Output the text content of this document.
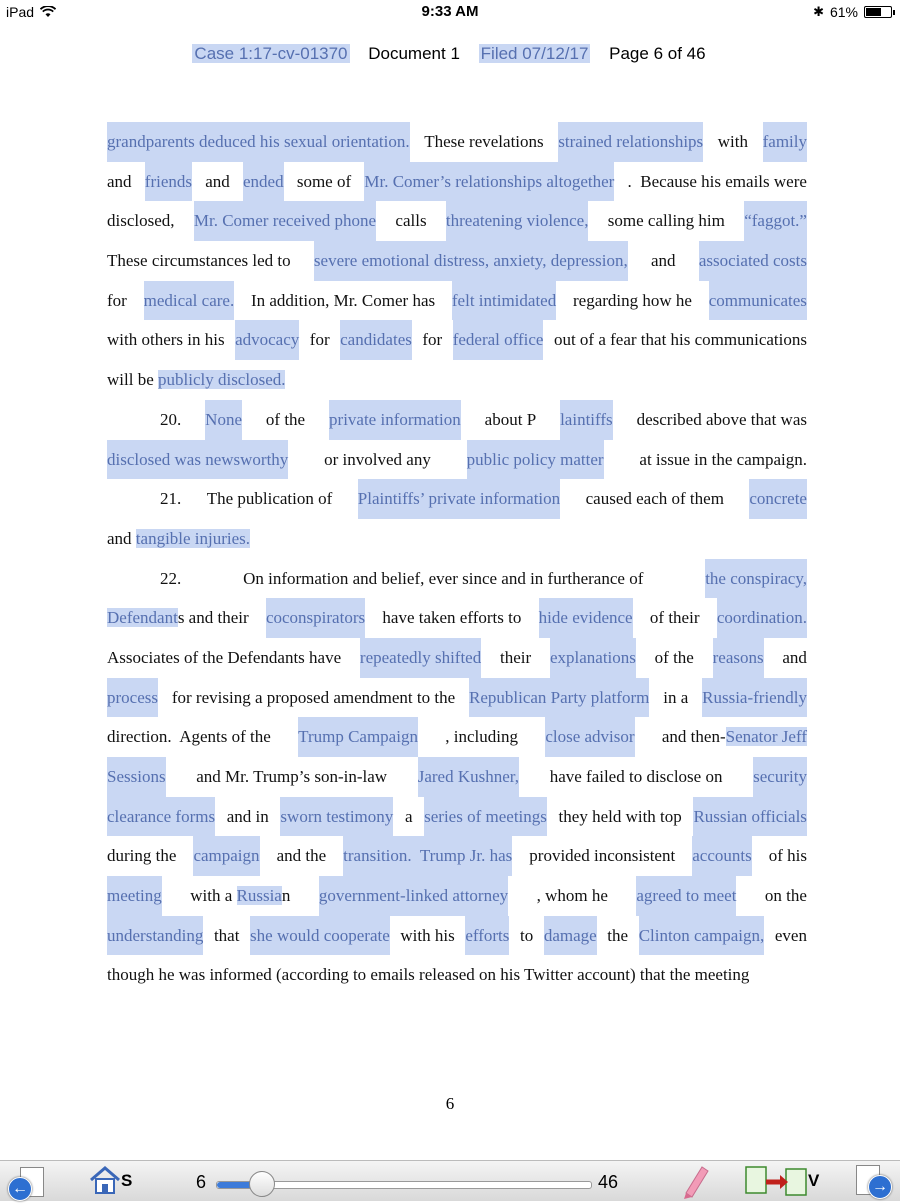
iPad	9:33 AM	✱ 61%
Case 1:17-cv-01370 Document 1 Filed 07/12/17 Page 6 of 46
grandparents deduced his sexual orientation. These revelations strained relationships with family
and friends and ended some of Mr. Comer’s relationships altogether .  Because his emails were
disclosed, Mr. Comer received phone calls threatening violence, some calling him “faggot.”
These circumstances led to severe emotional distress, anxiety, depression, and associated costs
for medical care. In addition, Mr. Comer has felt intimidated regarding how he communicates
with others in his advocacy for candidates for federal office out of a fear that his communications
will be publicly disclosed.
20. None of the private information about P laintiffs described above that was
disclosed was newsworthy or involved any public policy matter at issue in the campaign.
21. The publication of Plaintiffs’ private information caused each of them concrete
and tangible injuries.
22.	On information and belief, ever since and in furtherance of	the conspiracy,
Defendants and their coconspirators have taken efforts to hide evidence of their coordination.
Associates of the Defendants have repeatedly shifted their explanations of the reasons and
process for revising a proposed amendment to the Republican Party platform in a Russia-friendly
direction.  Agents of the Trump Campaign , including close advisor and then-Senator Jeff
Sessions and Mr. Trump’s son-in-law Jared Kushner, have failed to disclose on security
clearance forms and in sworn testimony a series of meetings they held with top Russian officials
during the campaign and the transition.  Trump Jr. has provided inconsistent accounts of his
meeting with a Russian government-linked attorney , whom he agreed to meet on the
understanding that she would cooperate with his efforts to damage the Clinton campaign, even
though he was informed (according to emails released on his Twitter account) that the meeting
6
←	S	6	46	V	→
